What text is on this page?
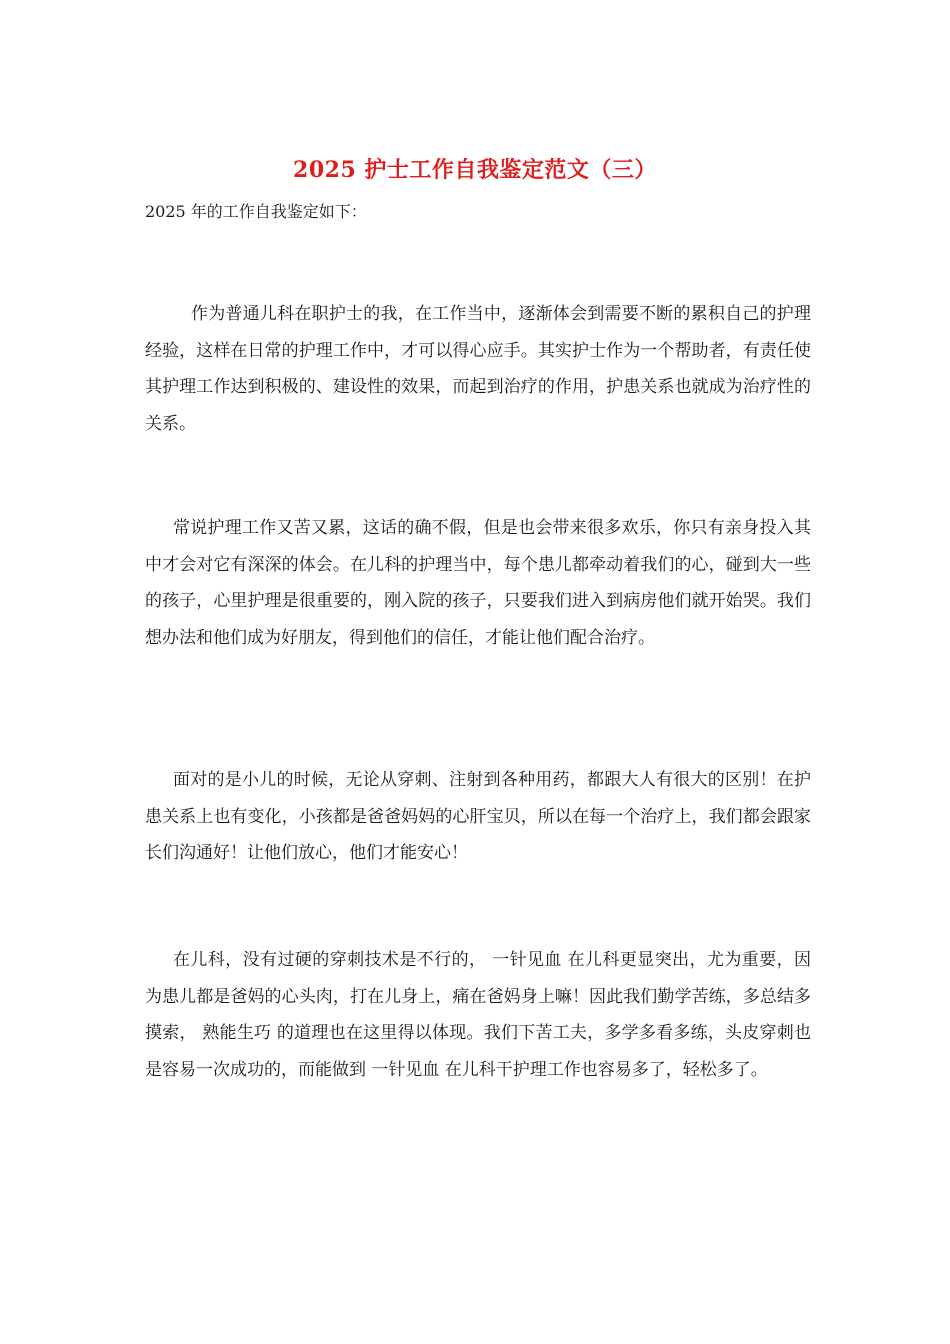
2025 护士工作自我鉴定范文（三）
2025 年的工作自我鉴定如下：

作为普通儿科在职护士的我，在工作当中，逐渐体会到需要不断的累积自己的护理经验，这样在日常的护理工作中，才可以得心应手。其实护士作为一个帮助者，有责任使其护理工作达到积极的、建设性的效果，而起到治疗的作用，护患关系也就成为治疗性的关系。

常说护理工作又苦又累，这话的确不假，但是也会带来很多欢乐，你只有亲身投入其中才会对它有深深的体会。在儿科的护理当中，每个患儿都牵动着我们的心，碰到大一些的孩子，心里护理是很重要的，刚入院的孩子，只要我们进入到病房他们就开始哭。我们想办法和他们成为好朋友，得到他们的信任，才能让他们配合治疗。

面对的是小儿的时候，无论从穿刺、注射到各种用药，都跟大人有很大的区别！在护患关系上也有变化，小孩都是爸爸妈妈的心肝宝贝，所以在每一个治疗上，我们都会跟家长们沟通好！让他们放心，他们才能安心！

在儿科，没有过硬的穿刺技术是不行的， 一针见血 在儿科更显突出，尤为重要，因为患儿都是爸妈的心头肉，打在儿身上，痛在爸妈身上嘛！因此我们勤学苦练，多总结多摸索， 熟能生巧 的道理也在这里得以体现。我们下苦工夫，多学多看多练，头皮穿刺也是容易一次成功的，而能做到 一针见血 在儿科干护理工作也容易多了，轻松多了。
